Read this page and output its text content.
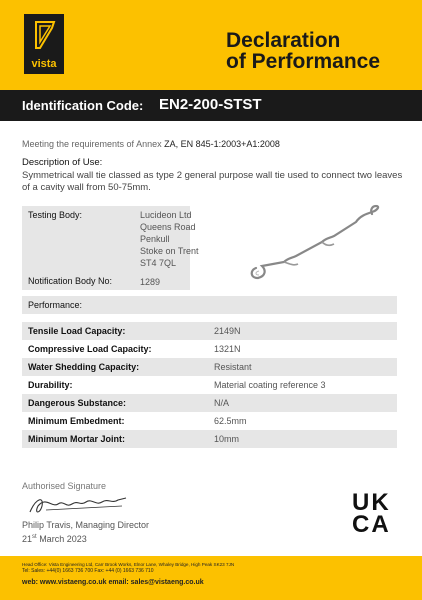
vista
Declaration
of Performance
Identification Code: EN2-200-STST
Meeting the requirements of Annex ZA, EN 845-1:2003+A1:2008
Description of Use:
Symmetrical wall tie classed as type 2 general purpose wall tie used to connect two leaves of a cavity wall from 50-75mm.
Testing Body:	Lucideon Ltd
Queens Road
Penkull
Stoke on Trent
ST4 7QL
Notification Body No:	1289
Performance:
Tensile Load Capacity:	2149N
Compressive Load Capacity:	1321N
Water Shedding Capacity:	Resistant
Durability:	Material coating reference 3
Dangerous Substance:	N/A
Minimum Embedment:	62.5mm
Minimum Mortar Joint:	10mm
Authorised Signature
Philip Travis, Managing Director
21st March 2023
UK
CA
Head Office: Vista Engineering Ltd, Carr Brook Works, Elnor Lane, Whaley Bridge, High Peak SK23 7JN
Tel: Sales: +44(0) 1663 736 700 Fax: +44 (0) 1663 736 710
web: www.vistaeng.co.uk email: sales@vistaeng.co.uk
